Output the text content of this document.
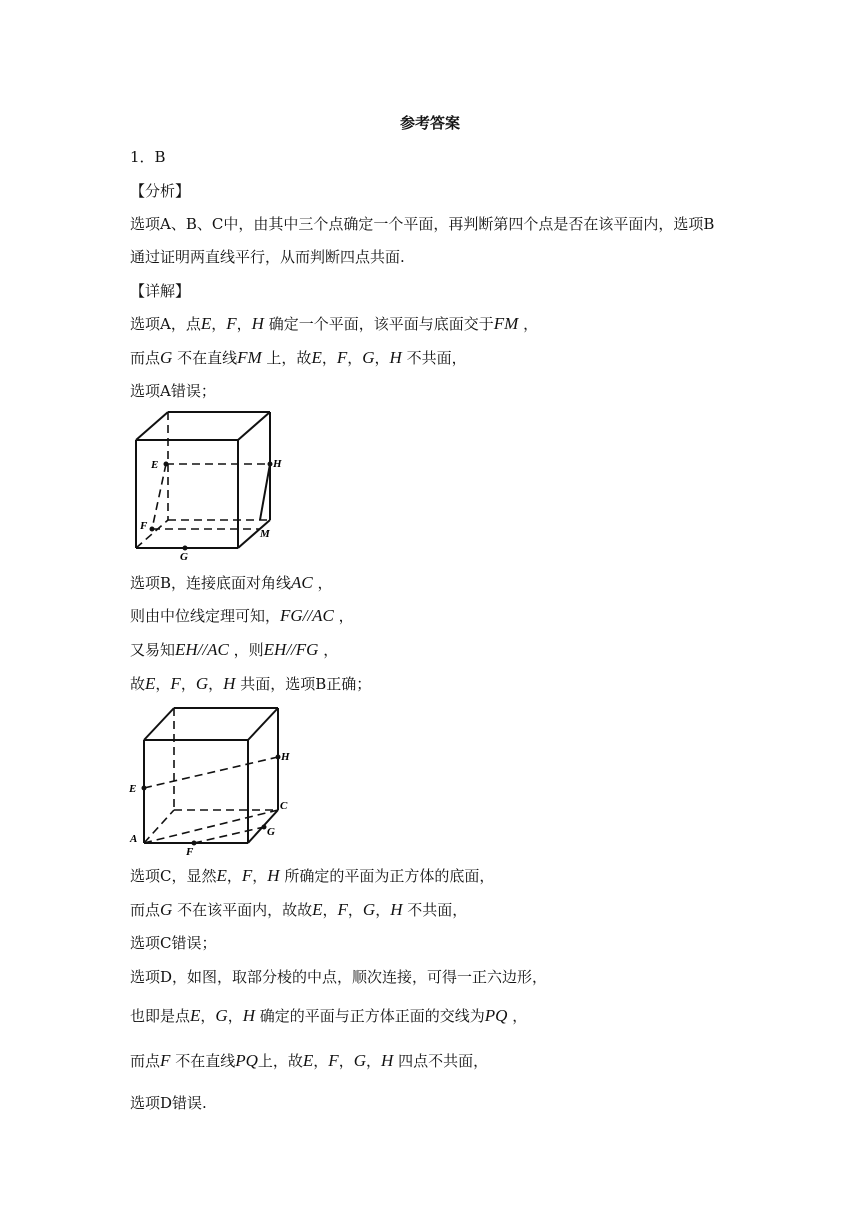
参考答案
1．B
【分析】
选项A、B、C中，由其中三个点确定一个平面，再判断第四个点是否在该平面内，选项B
通过证明两直线平行，从而判断四点共面.
【详解】
选项A，点E，F，H 确定一个平面，该平面与底面交于FM ，
而点G 不在直线FM 上，故E，F，G，H 不共面，
选项A错误；
E	H
F
M
G
选项B，连接底面对角线AC ，
则由中位线定理可知，FG//AC ，
又易知EH//AC ，则EH//FG ，
故E，F，G，H 共面，选项B正确；
H
E
C
G
A
F
选项C，显然E，F，H 所确定的平面为正方体的底面，
而点G 不在该平面内，故故E，F，G，H 不共面，
选项C错误；
选项D，如图，取部分棱的中点，顺次连接，可得一正六边形，
也即是点E，G，H 确定的平面与正方体正面的交线为PQ ，
而点F 不在直线PQ上，故E，F，G，H 四点不共面，
选项D错误.
